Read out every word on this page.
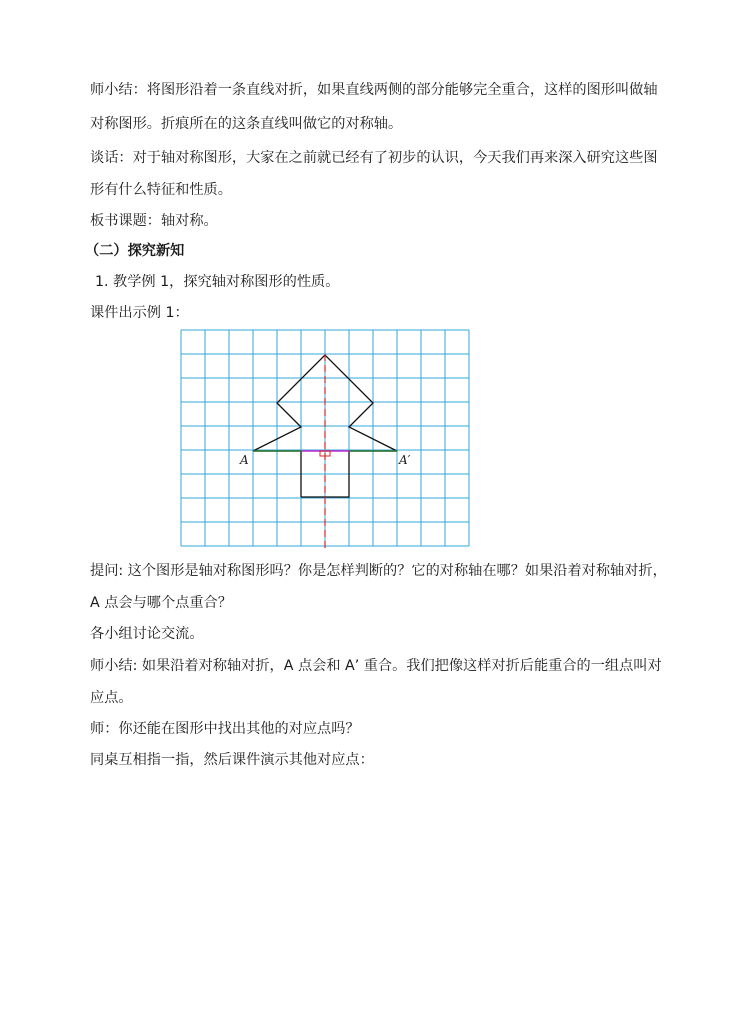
师小结：将图形沿着一条直线对折，如果直线两侧的部分能够完全重合，这样的图形叫做轴
对称图形。折痕所在的这条直线叫做它的对称轴。
谈话：对于轴对称图形，大家在之前就已经有了初步的认识，今天我们再来深入研究这些图
形有什么特征和性质。
板书课题：轴对称。
（二）探究新知
1. 教学例 1，探究轴对称图形的性质。
课件出示例 1：
A	A′
提问: 这个图形是轴对称图形吗？你是怎样判断的？它的对称轴在哪？如果沿着对称轴对折，
A 点会与哪个点重合？
各小组讨论交流。
师小结: 如果沿着对称轴对折，A 点会和 A’ 重合。我们把像这样对折后能重合的一组点叫对
应点。
师：你还能在图形中找出其他的对应点吗？
同桌互相指一指，然后课件演示其他对应点：
